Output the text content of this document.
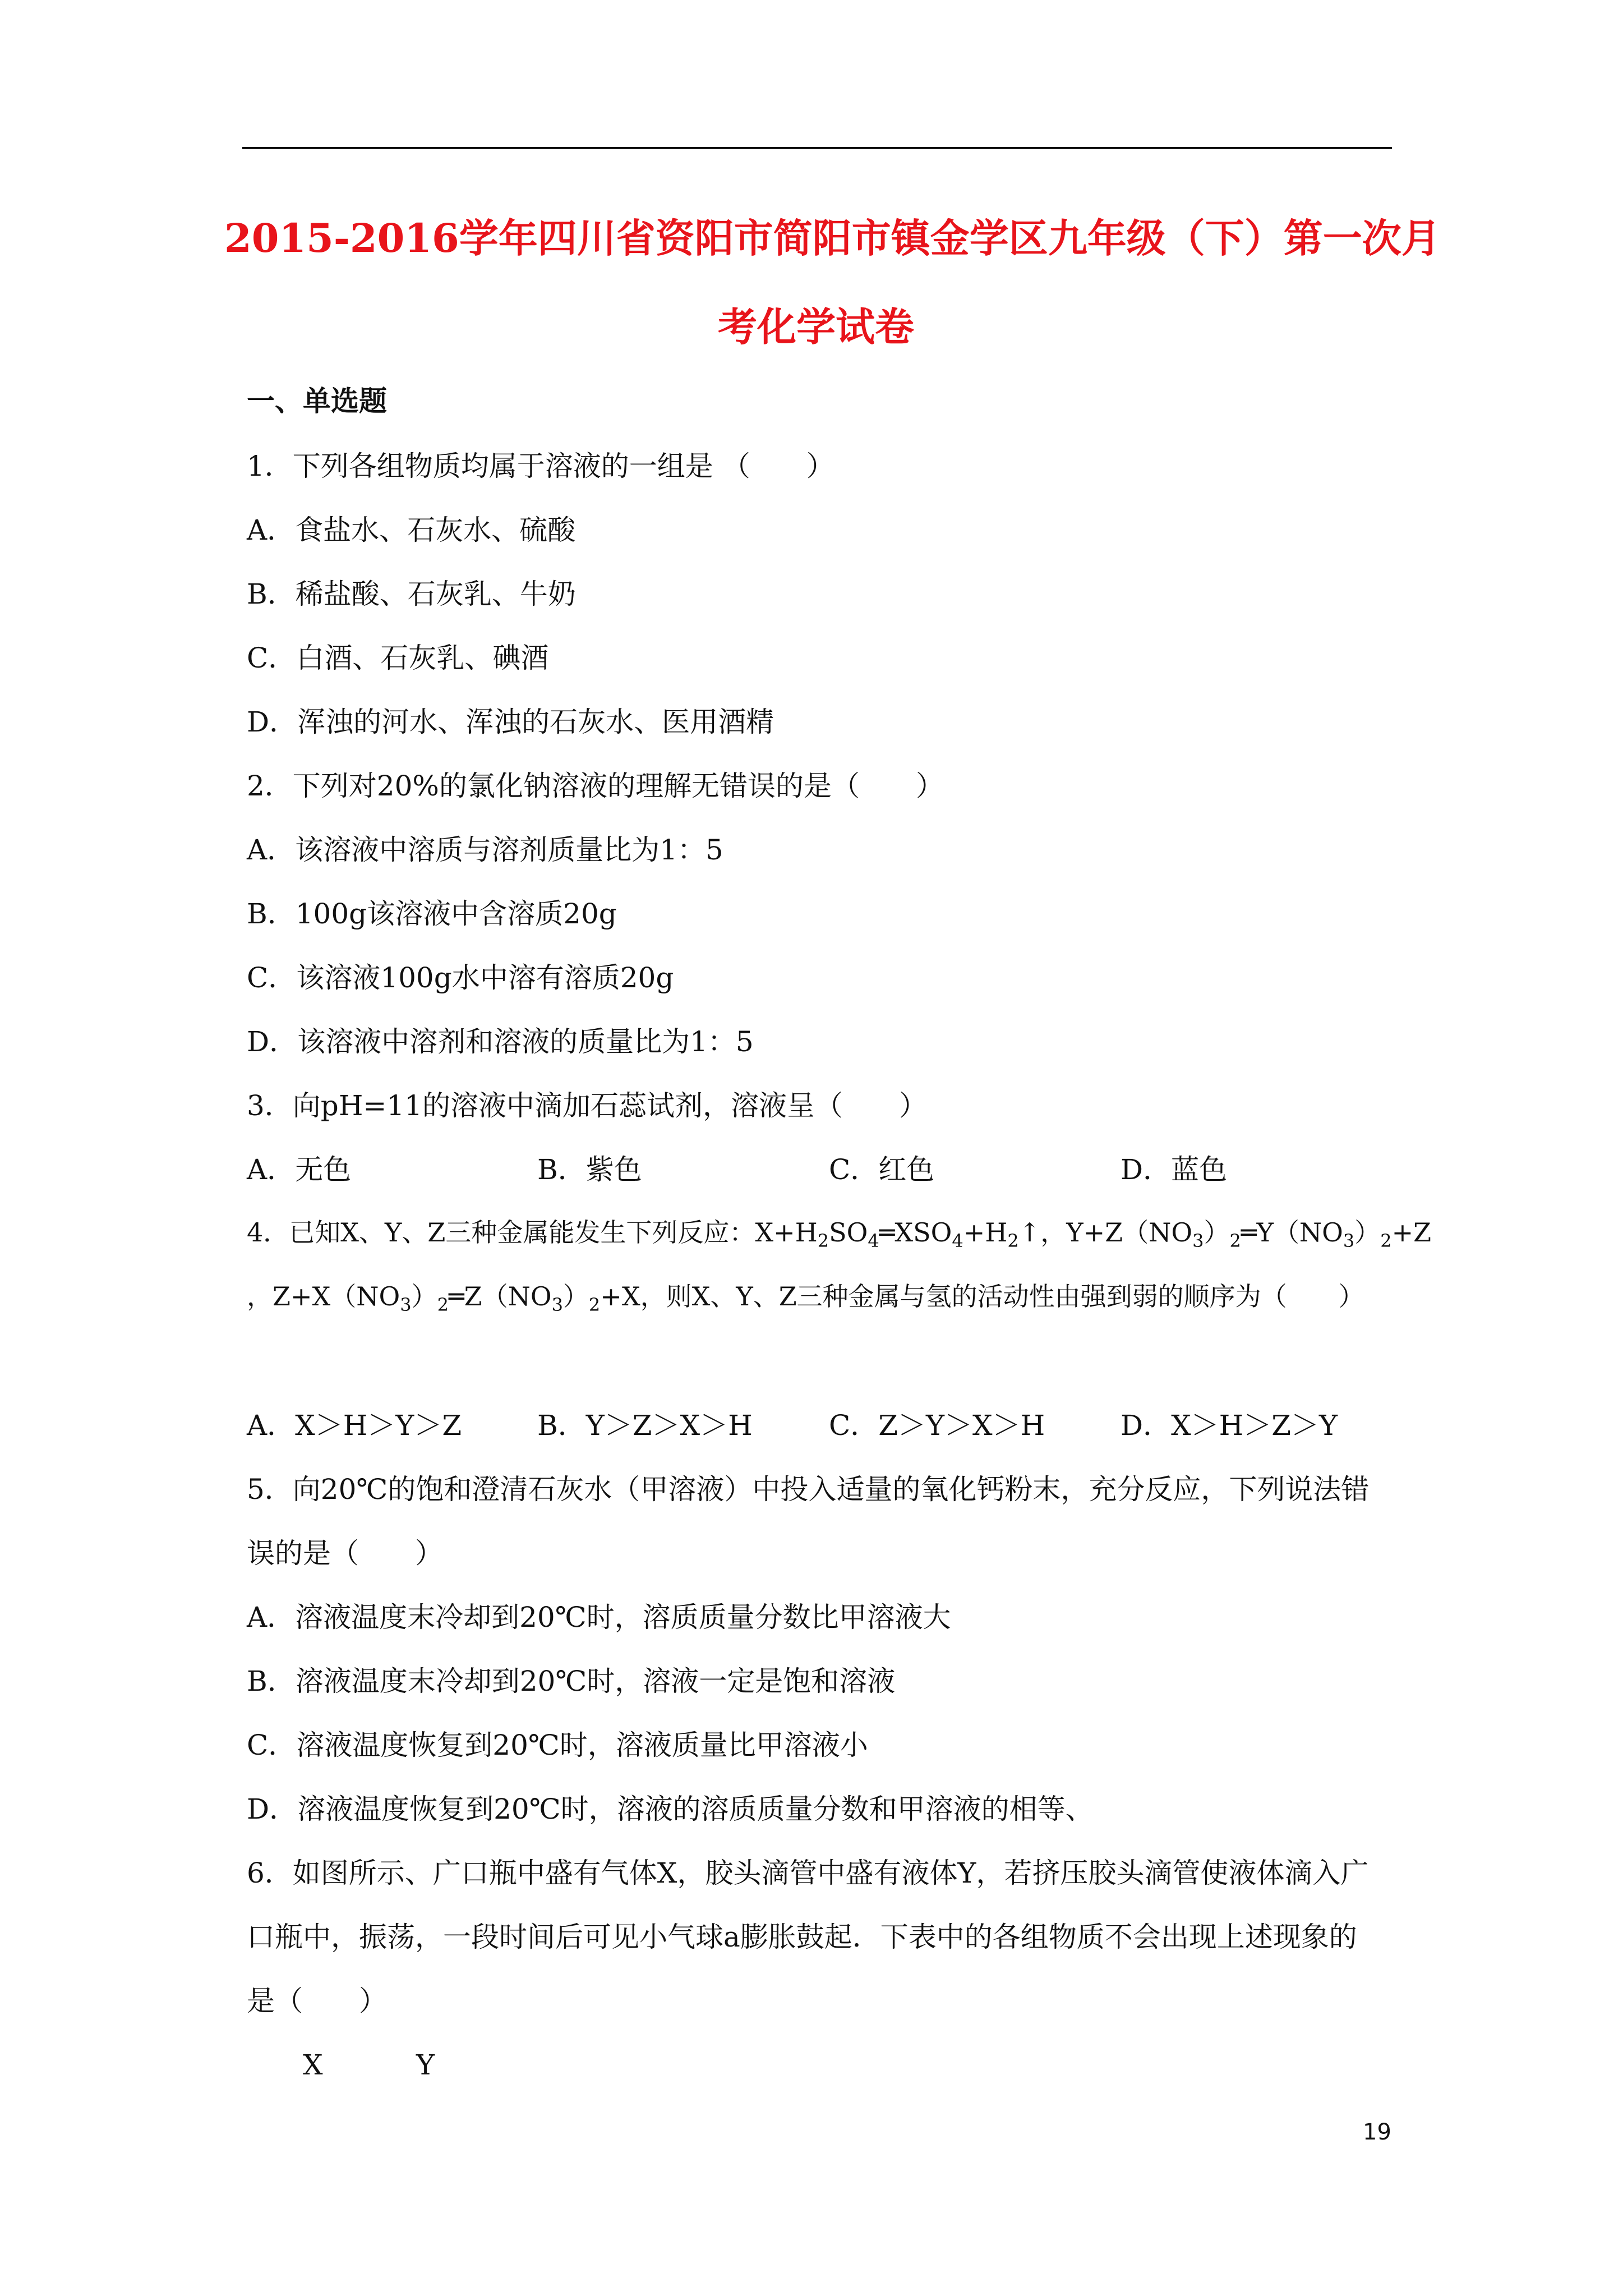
2015-2016学年四川省资阳市简阳市镇金学区九年级（下）第一次月
考化学试卷
一、单选题
1．下列各组物质均属于溶液的一组是 （　　）
A．食盐水、石灰水、硫酸
B．稀盐酸、石灰乳、牛奶
C．白酒、石灰乳、碘酒
D．浑浊的河水、浑浊的石灰水、医用酒精
2．下列对20%的氯化钠溶液的理解无错误的是（　　）
A．该溶液中溶质与溶剂质量比为1：5
B．100g该溶液中含溶质20g
C．该溶液100g水中溶有溶质20g
D．该溶液中溶剂和溶液的质量比为1：5
3．向pH=11的溶液中滴加石蕊试剂，溶液呈（　　）
A．无色	B．紫色	C．红色	D．蓝色
4．已知X、Y、Z三种金属能发生下列反应：$X+H_2SO_4═XSO_4+H_2↑$，$Y+Z(NO_3)_2═Y(NO_3)_2+Z$
，$Z+X(NO_3)_2═Z(NO_3)_2+X$，则X、Y、Z三种金属与氢的活动性由强到弱的顺序为（　　）
A．X＞H＞Y＞Z	B．Y＞Z＞X＞H	C．Z＞Y＞X＞H	D．X＞H＞Z＞Y
5．向20℃的饱和澄清石灰水（甲溶液）中投入适量的氧化钙粉末，充分反应，下列说法错
误的是（　　）
A．溶液温度末冷却到20℃时，溶质质量分数比甲溶液大
B．溶液温度末冷却到20℃时，溶液一定是饱和溶液
C．溶液温度恢复到20℃时，溶液质量比甲溶液小
D．溶液温度恢复到20℃时，溶液的溶质质量分数和甲溶液的相等、
6．如图所示、广口瓶中盛有气体X，胶头滴管中盛有液体Y，若挤压胶头滴管使液体滴入广
口瓶中，振荡，一段时间后可见小气球a膨胀鼓起．下表中的各组物质不会出现上述现象的
是（　　）
X	Y
19
